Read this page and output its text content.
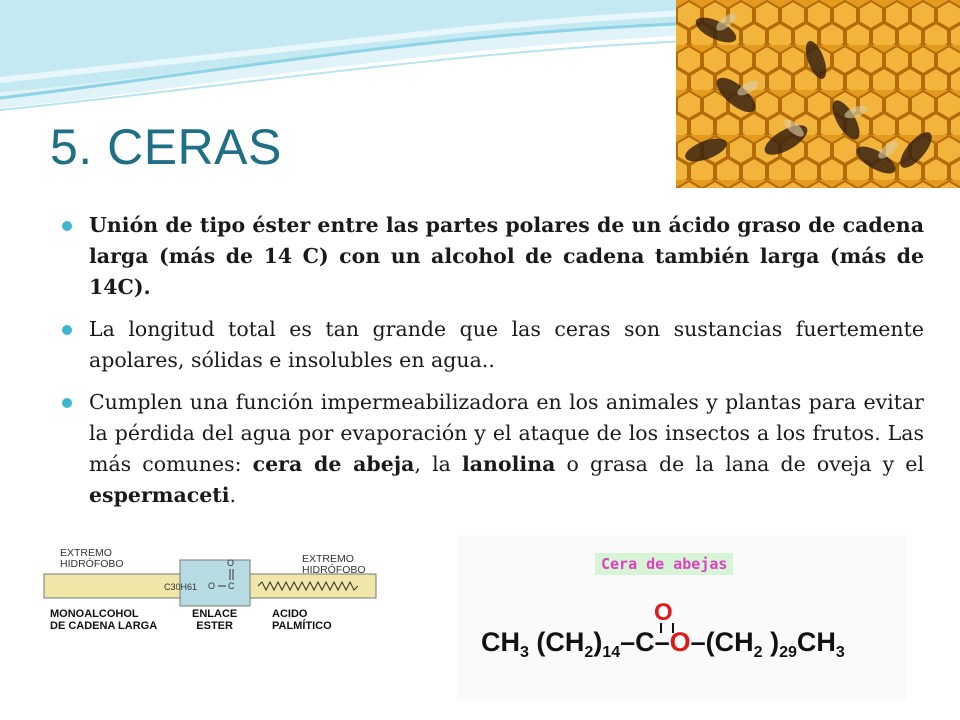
5. CERAS
Unión de tipo éster entre las partes polares de un ácido graso de cadena larga (más de 14 C) con un alcohol de cadena también larga (más de 14C).
La longitud total es tan grande que las ceras son sustancias fuertemente apolares, sólidas e insolubles en agua..
Cumplen una función impermeabilizadora en los animales y plantas para evitar la pérdida del agua por evaporación y el ataque de los insectos a los frutos. Las más comunes: cera de abeja, la lanolina o grasa de la lana de oveja y el espermaceti.
EXTREMO
HIDRÓFOBO	EXTREMO
HIDRÓFOBO
C30H61
O
C
O
MONOALCOHOL
DE CADENA LARGA
ENLACE
ESTER
ACIDO
PALMÍTICO
Cera de abejas
O
$CH_3$ $(CH_2)_{14}-C-O-(CH_2$ )$_{29}CH_3$
